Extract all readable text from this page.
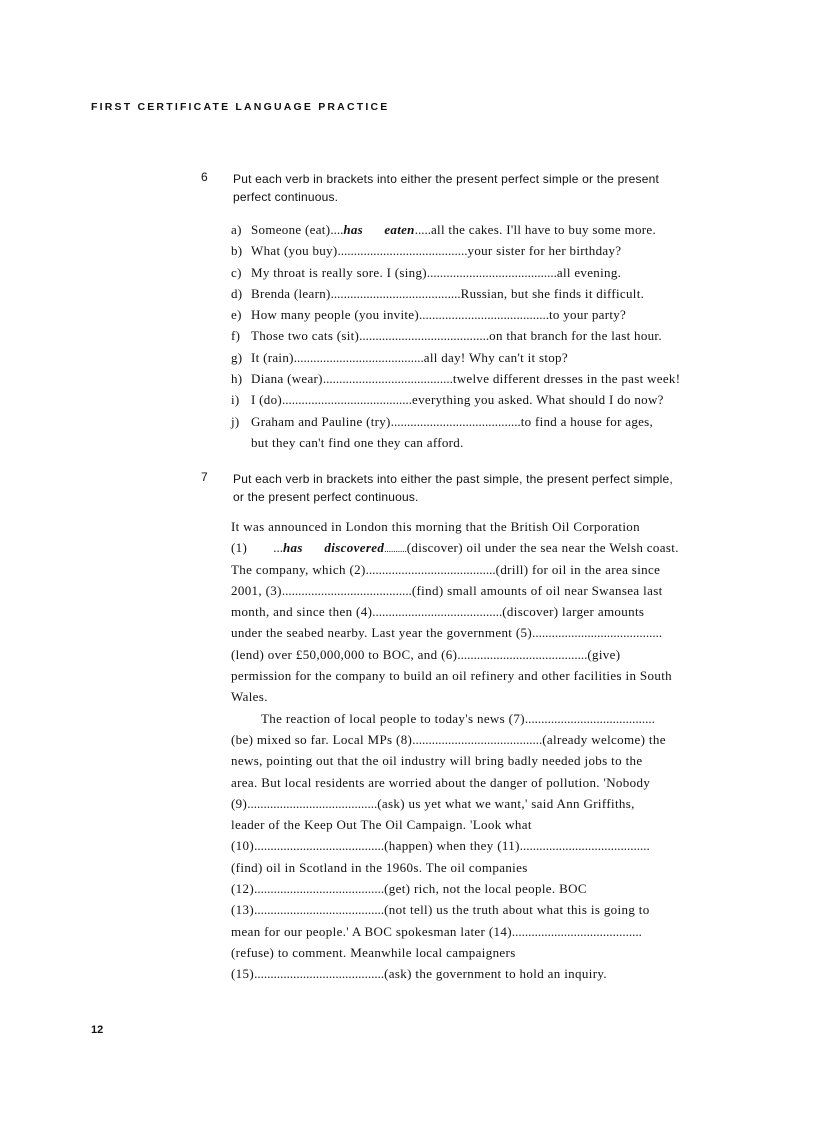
FIRST CERTIFICATE LANGUAGE PRACTICE
6 Put each verb in brackets into either the present perfect simple or the present
perfect continuous.
a) Someone (eat)....has      eaten.....all the cakes. I'll have to buy some more.
b) What (you buy)........................................your sister for her birthday?
c) My throat is really sore. I (sing)........................................all evening.
d) Brenda (learn)........................................Russian, but she finds it difficult.
e) How many people (you invite)........................................to your party?
f) Those two cats (sit)........................................on that branch for the last hour.
g) It (rain)........................................all day! Why can't it stop?
h) Diana (wear)........................................twelve different dresses in the past week!
i) I (do)........................................everything you asked. What should I do now?
j) Graham and Pauline (try)........................................to find a house for ages,
but they can't find one they can afford.
7 Put each verb in brackets into either the past simple, the present perfect simple,
or the present perfect continuous.
It was announced in London this morning that the British Oil Corporation
(1) ...has      discovered..........(discover) oil under the sea near the Welsh coast.
The company, which (2)........................................(drill) for oil in the area since
2001, (3)........................................(find) small amounts of oil near Swansea last
month, and since then (4)........................................(discover) larger amounts
under the seabed nearby. Last year the government (5)........................................
(lend) over £50,000,000 to BOC, and (6)........................................(give)
permission for the company to build an oil refinery and other facilities in South
Wales.
The reaction of local people to today's news (7)........................................
(be) mixed so far. Local MPs (8)........................................(already welcome) the
news, pointing out that the oil industry will bring badly needed jobs to the
area. But local residents are worried about the danger of pollution. 'Nobody
(9)........................................(ask) us yet what we want,' said Ann Griffiths,
leader of the Keep Out The Oil Campaign. 'Look what
(10)........................................(happen) when they (11)........................................
(find) oil in Scotland in the 1960s. The oil companies
(12)........................................(get) rich, not the local people. BOC
(13)........................................(not tell) us the truth about what this is going to
mean for our people.' A BOC spokesman later (14)........................................
(refuse) to comment. Meanwhile local campaigners
(15)........................................(ask) the government to hold an inquiry.
12
